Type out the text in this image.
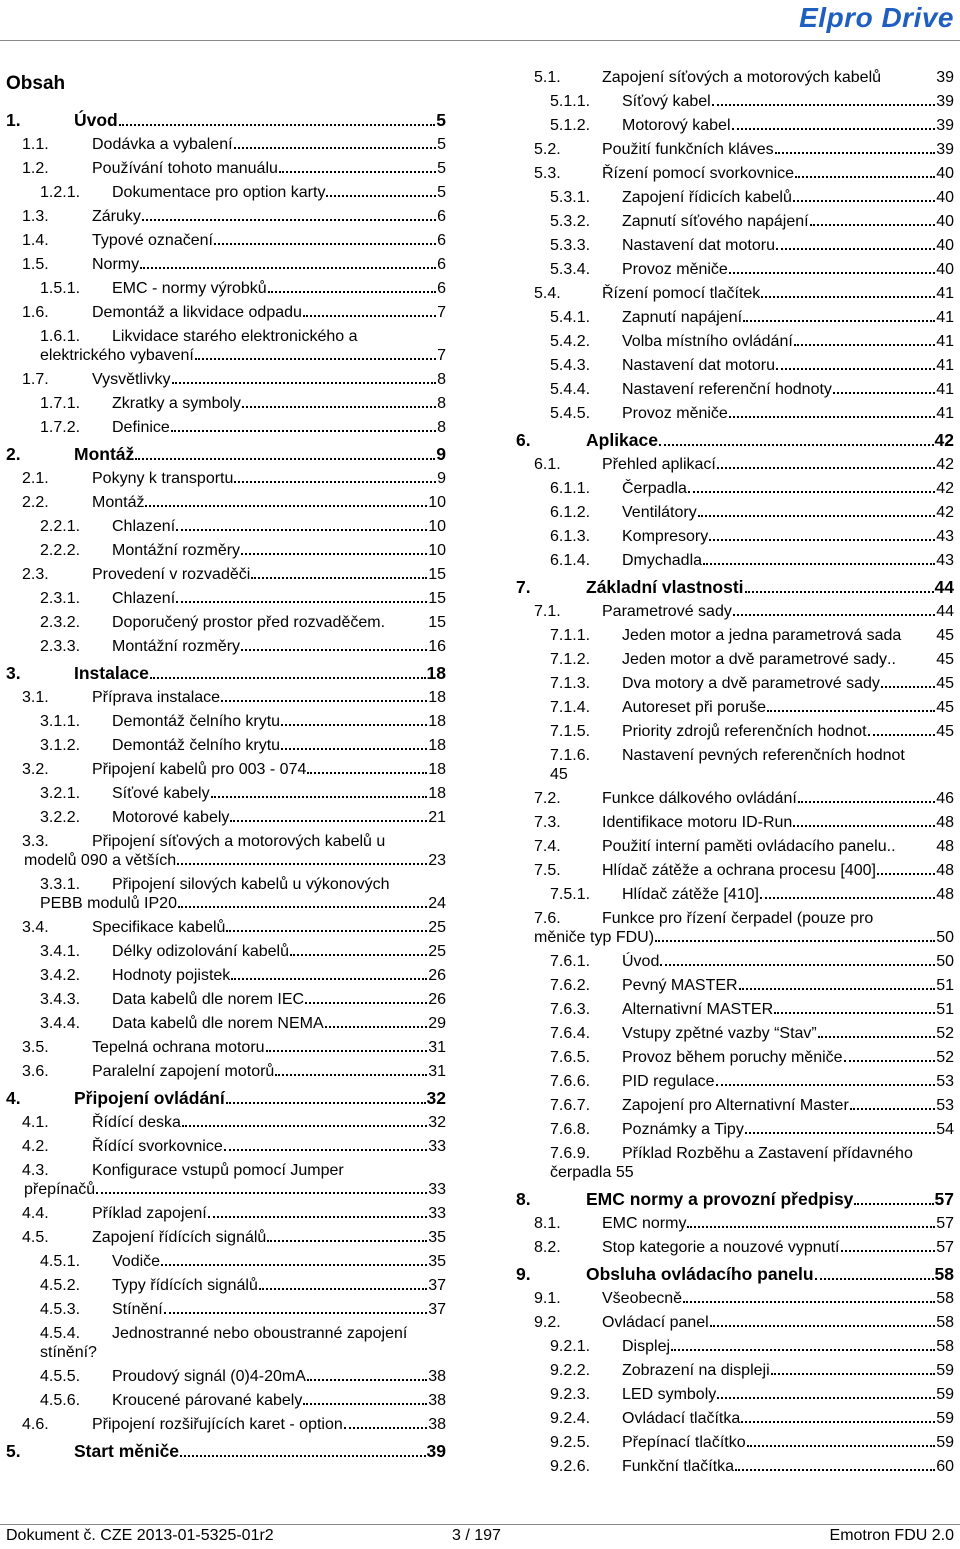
Elpro Drive
Obsah
1.	Úvod	5
1.1.	Dodávka a vybalení	5
1.2.	Používání tohoto manuálu	5
1.2.1. Dokumentace pro option karty	5
1.3.	Záruky	6
1.4.	Typové označení	6
1.5.	Normy	6
1.5.1. EMC - normy výrobků	6
1.6.	Demontáž a likvidace odpadu	7
1.6.1. Likvidace starého elektronického a
elektrického vybavení	7
1.7.	Vysvětlivky	8
1.7.1. Zkratky a symboly	8
1.7.2. Definice	8
2.	Montáž	9
2.1.	Pokyny k transportu	9
2.2.	Montáž	10
2.2.1. Chlazení	10
2.2.2. Montážní rozměry	10
2.3.	Provedení v rozvaděči	15
2.3.1. Chlazení	15
2.3.2. Doporučený prostor před rozvaděčem .	15
2.3.3. Montážní rozměry	16
3.	Instalace	18
3.1.	Příprava instalace	18
3.1.1. Demontáž čelního krytu	18
3.1.2. Demontáž čelního krytu	18
3.2.	Připojení kabelů pro 003 - 074	18
3.2.1. Síťové kabely	18
3.2.2. Motorové kabely	21
3.3.	Připojení síťových a motorových kabelů u
modelů 090 a větších	23
3.3.1. Připojení silových kabelů u výkonových
PEBB modulů IP20	24
3.4.	Specifikace kabelů	25
3.4.1. Délky odizolování kabelů	25
3.4.2. Hodnoty pojistek	26
3.4.3. Data kabelů dle norem IEC	26
3.4.4. Data kabelů dle norem NEMA	29
3.5.	Tepelná ochrana motoru	31
3.6.	Paralelní zapojení motorů	31
4.	Připojení ovládání	32
4.1.	Řídící deska	32
4.2.	Řídící svorkovnice	33
4.3.	Konfigurace vstupů pomocí Jumper
přepínačů	33
4.4.	Příklad zapojení	33
4.5.	Zapojení řídících signálů	35
4.5.1. Vodiče	35
4.5.2. Typy řídících signálů	37
4.5.3. Stínění	37
4.5.4. Jednostranné nebo oboustranné zapojení
stínění?
4.5.5. Proudový signál (0)4-20mA	38
4.5.6. Kroucené párované kabely	38
4.6.	Připojení rozšiřujících karet - option	38
5.	Start měniče	39
5.1.	Zapojení síťových a motorových kabelů	39
5.1.1. Síťový kabel	39
5.1.2. Motorový kabel	39
5.2.	Použití funkčních kláves	39
5.3.	Řízení pomocí svorkovnice	40
5.3.1. Zapojení řídicích kabelů	40
5.3.2. Zapnutí síťového napájení	40
5.3.3. Nastavení dat motoru	40
5.3.4. Provoz měniče	40
5.4.	Řízení pomocí tlačítek	41
5.4.1. Zapnutí napájení	41
5.4.2. Volba místního ovládání	41
5.4.3. Nastavení dat motoru	41
5.4.4. Nastavení referenční hodnoty	41
5.4.5. Provoz měniče	41
6.	Aplikace	42
6.1.	Přehled aplikací	42
6.1.1. Čerpadla	42
6.1.2. Ventilátory	42
6.1.3. Kompresory	43
6.1.4. Dmychadla	43
7.	Základní vlastnosti	44
7.1.	Parametrové sady	44
7.1.1. Jeden motor a jedna parametrová sada 45
7.1.2. Jeden motor a dvě parametrové sady ..	45
7.1.3. Dva motory a dvě parametrové sady	45
7.1.4. Autoreset při poruše	45
7.1.5. Priority zdrojů referenčních hodnot	45
7.1.6. Nastavení pevných referenčních hodnot
45
7.2.	Funkce dálkového ovládání	46
7.3.	Identifikace motoru ID-Run	48
7.4.	Použití interní paměti ovládacího panelu ..	48
7.5.	Hlídač zátěže a ochrana procesu [400]	48
7.5.1. Hlídač zátěže [410]	48
7.6.	Funkce pro řízení čerpadel (pouze pro
měniče typ FDU)	50
7.6.1. Úvod	50
7.6.2. Pevný MASTER	51
7.6.3. Alternativní MASTER	51
7.6.4. Vstupy zpětné vazby “Stav”	52
7.6.5. Provoz během poruchy měniče	52
7.6.6. PID regulace	53
7.6.7. Zapojení pro Alternativní Master	53
7.6.8. Poznámky a Tipy	54
7.6.9. Příklad Rozběhu a Zastavení přídavného
čerpadla 55
8.	EMC normy a provozní předpisy	57
8.1.	EMC normy	57
8.2.	Stop kategorie a nouzové vypnutí	57
9.	Obsluha ovládacího panelu	58
9.1.	Všeobecně	58
9.2.	Ovládací panel	58
9.2.1. Displej	58
9.2.2. Zobrazení na displeji	59
9.2.3. LED symboly	59
9.2.4. Ovládací tlačítka	59
9.2.5. Přepínací tlačítko	59
9.2.6. Funkční tlačítka	60
Dokument č. CZE 2013-01-5325-01r2	3 / 197	Emotron FDU 2.0
